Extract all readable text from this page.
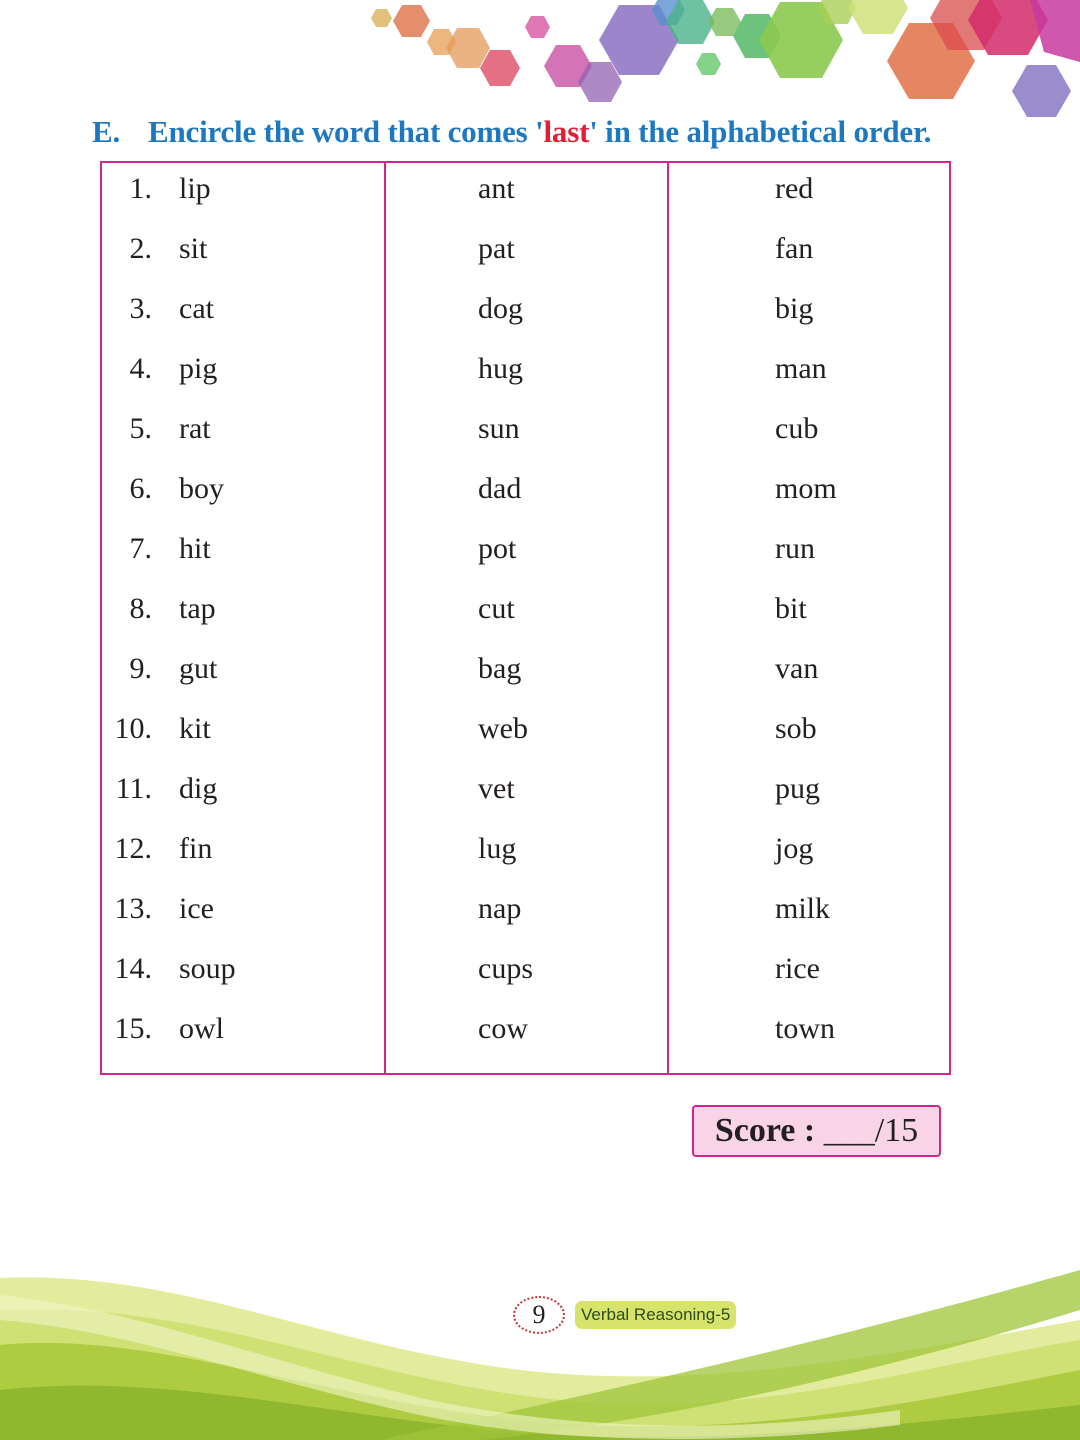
E. Encircle the word that comes 'last' in the alphabetical order.
1. lip	ant	red
2. sit	pat	fan
3. cat	dog	big
4. pig	hug	man
5. rat	sun	cub
6. boy	dad	mom
7. hit	pot	run
8. tap	cut	bit
9. gut	bag	van
10. kit	web	sob
11. dig	vet	pug
12. fin	lug	jog
13. ice	nap	milk
14. soup	cups	rice
15. owl	cow	town
Score : ___/15
9	Verbal Reasoning-5
